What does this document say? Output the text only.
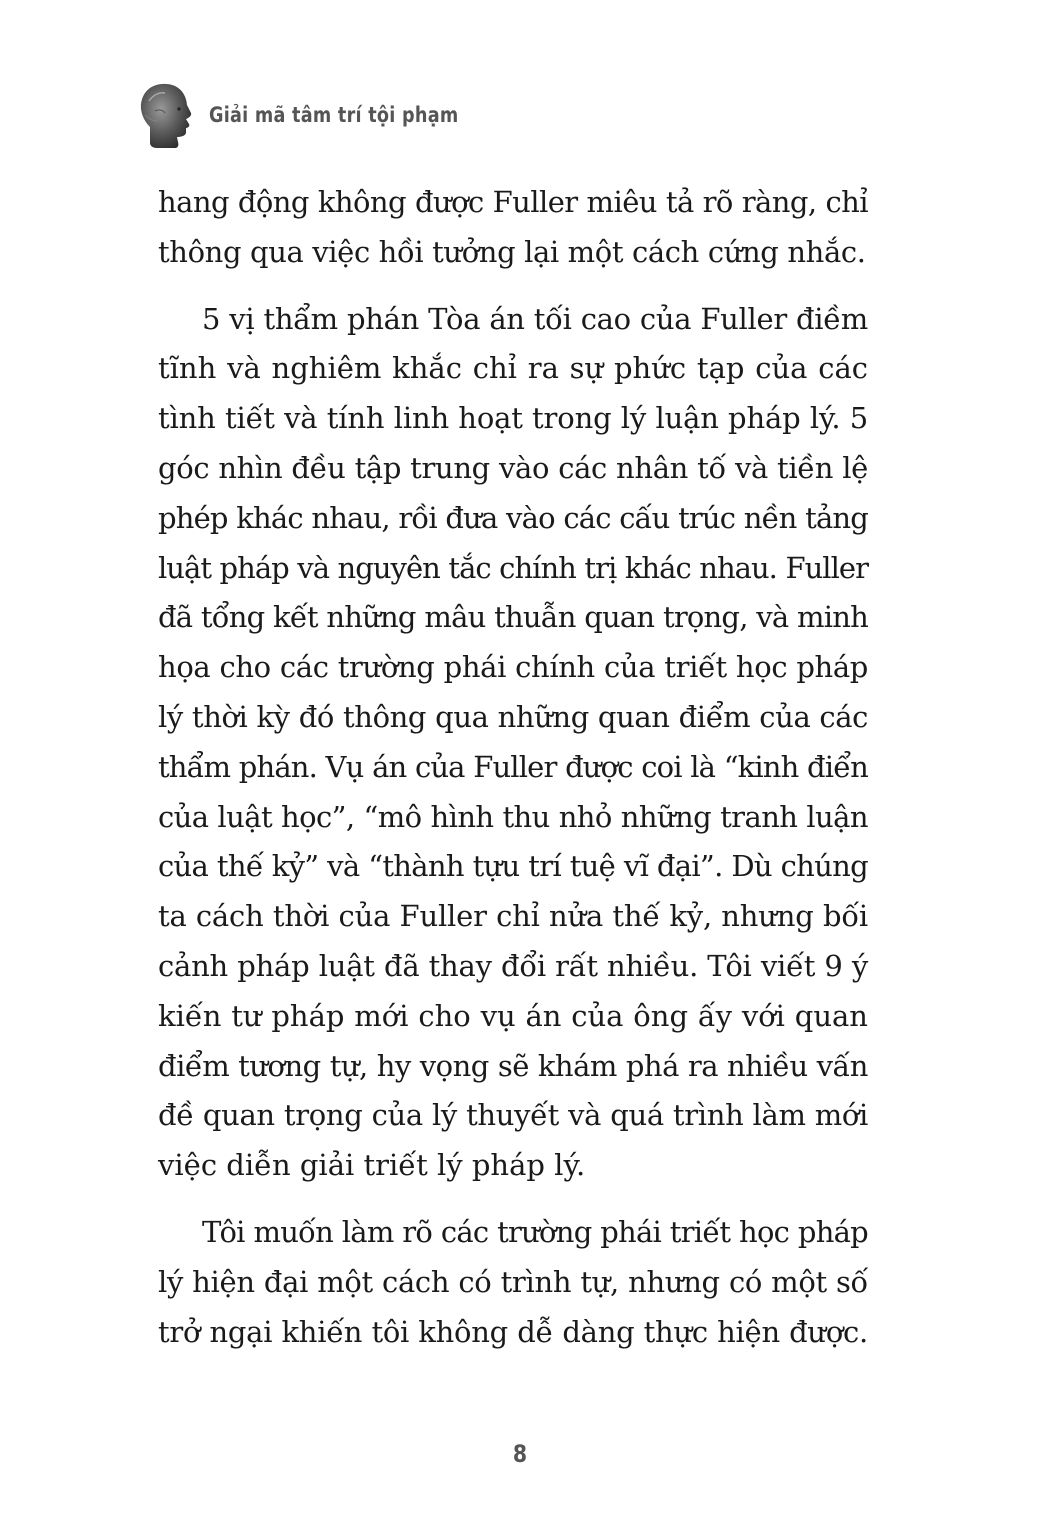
Giải mã tâm trí tội phạm

hang động không được Fuller miêu tả rõ ràng, chỉ
thông qua việc hồi tưởng lại một cách cứng nhắc.

5 vị thẩm phán Tòa án tối cao của Fuller điềm
tĩnh và nghiêm khắc chỉ ra sự phức tạp của các
tình tiết và tính linh hoạt trong lý luận pháp lý. 5
góc nhìn đều tập trung vào các nhân tố và tiền lệ
phép khác nhau, rồi đưa vào các cấu trúc nền tảng
luật pháp và nguyên tắc chính trị khác nhau. Fuller
đã tổng kết những mâu thuẫn quan trọng, và minh
họa cho các trường phái chính của triết học pháp
lý thời kỳ đó thông qua những quan điểm của các
thẩm phán. Vụ án của Fuller được coi là “kinh điển
của luật học”, “mô hình thu nhỏ những tranh luận
của thế kỷ” và “thành tựu trí tuệ vĩ đại”. Dù chúng
ta cách thời của Fuller chỉ nửa thế kỷ, nhưng bối
cảnh pháp luật đã thay đổi rất nhiều. Tôi viết 9 ý
kiến tư pháp mới cho vụ án của ông ấy với quan
điểm tương tự, hy vọng sẽ khám phá ra nhiều vấn
đề quan trọng của lý thuyết và quá trình làm mới
việc diễn giải triết lý pháp lý.

Tôi muốn làm rõ các trường phái triết học pháp
lý hiện đại một cách có trình tự, nhưng có một số
trở ngại khiến tôi không dễ dàng thực hiện được.

8
